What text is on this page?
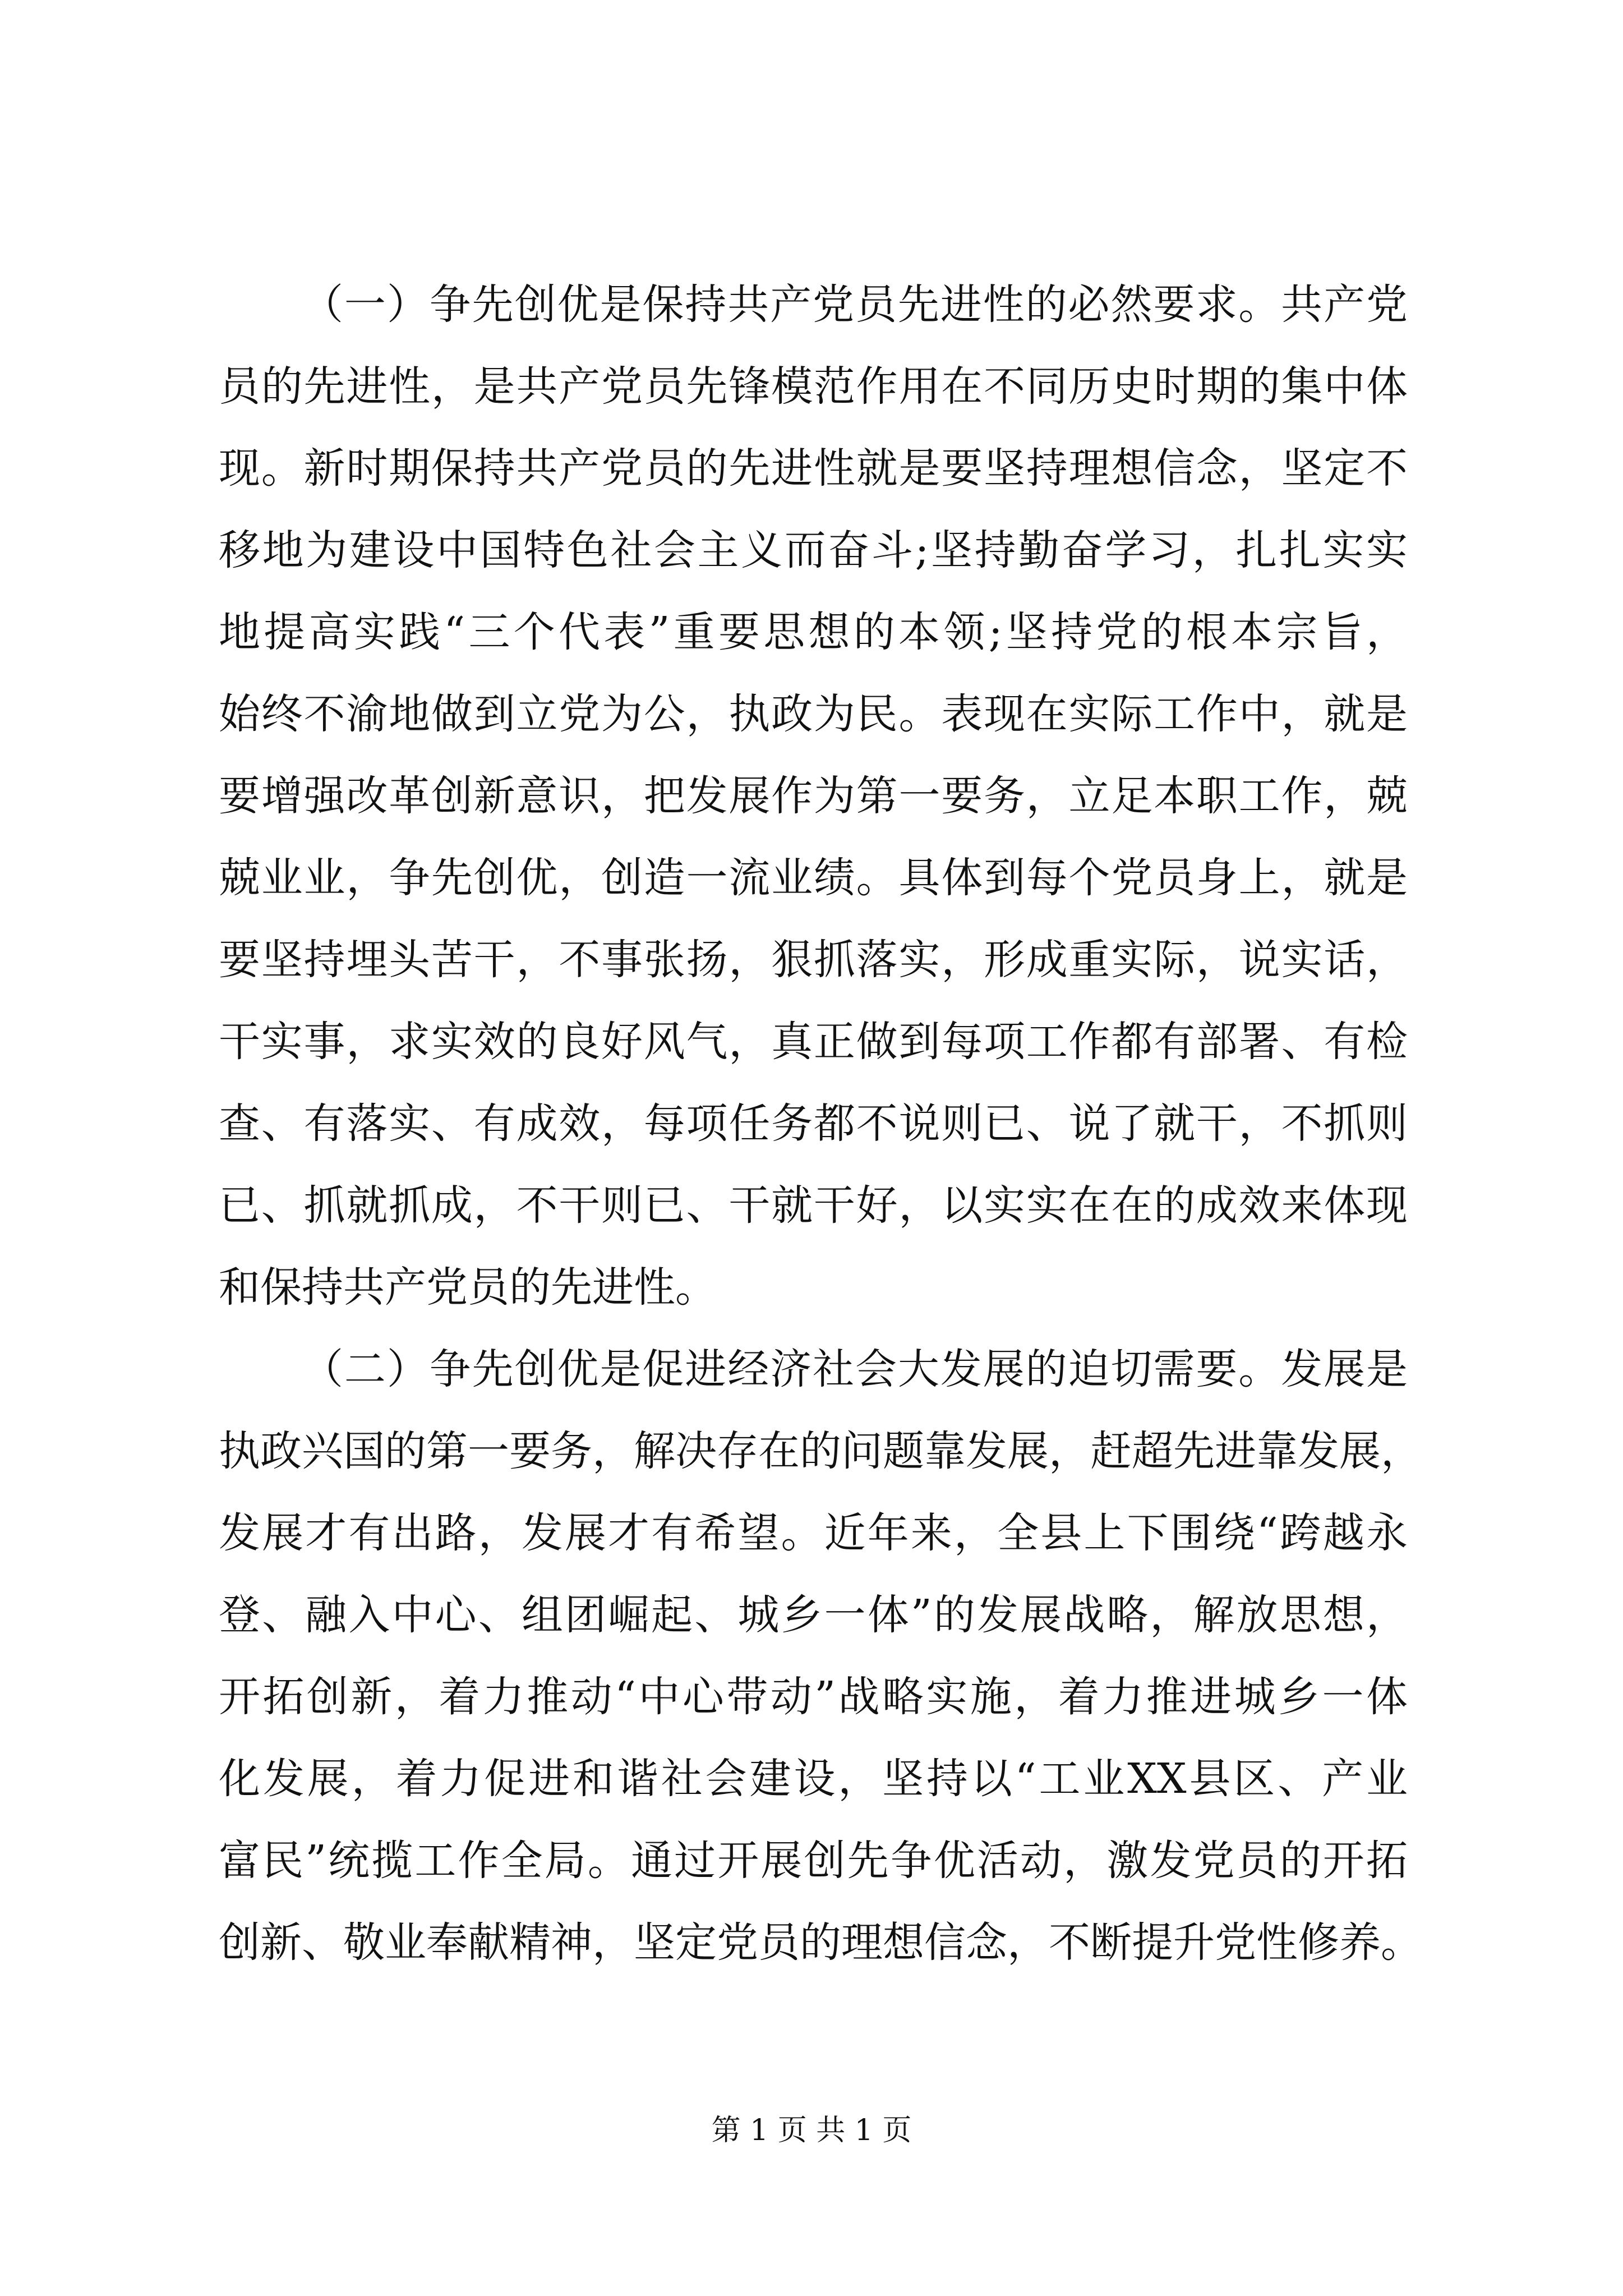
（一）争先创优是保持共产党员先进性的必然要求。共产党
员的先进性，是共产党员先锋模范作用在不同历史时期的集中体
现。新时期保持共产党员的先进性就是要坚持理想信念，坚定不
移地为建设中国特色社会主义而奋斗;坚持勤奋学习，扎扎实实
地提高实践“三个代表”重要思想的本领;坚持党的根本宗旨，
始终不渝地做到立党为公，执政为民。表现在实际工作中，就是
要增强改革创新意识，把发展作为第一要务，立足本职工作，兢
兢业业，争先创优，创造一流业绩。具体到每个党员身上，就是
要坚持埋头苦干，不事张扬，狠抓落实，形成重实际，说实话，
干实事，求实效的良好风气，真正做到每项工作都有部署、有检
查、有落实、有成效，每项任务都不说则已、说了就干，不抓则
已、抓就抓成，不干则已、干就干好，以实实在在的成效来体现
和保持共产党员的先进性。
（二）争先创优是促进经济社会大发展的迫切需要。发展是
执政兴国的第一要务，解决存在的问题靠发展，赶超先进靠发展，
发展才有出路，发展才有希望。近年来，全县上下围绕“跨越永
登、融入中心、组团崛起、城乡一体”的发展战略，解放思想，
开拓创新，着力推动“中心带动”战略实施，着力推进城乡一体
化发展，着力促进和谐社会建设，坚持以“工业XX县区、产业
富民”统揽工作全局。通过开展创先争优活动，激发党员的开拓
创新、敬业奉献精神，坚定党员的理想信念，不断提升党性修养。
第 1 页 共 1 页
